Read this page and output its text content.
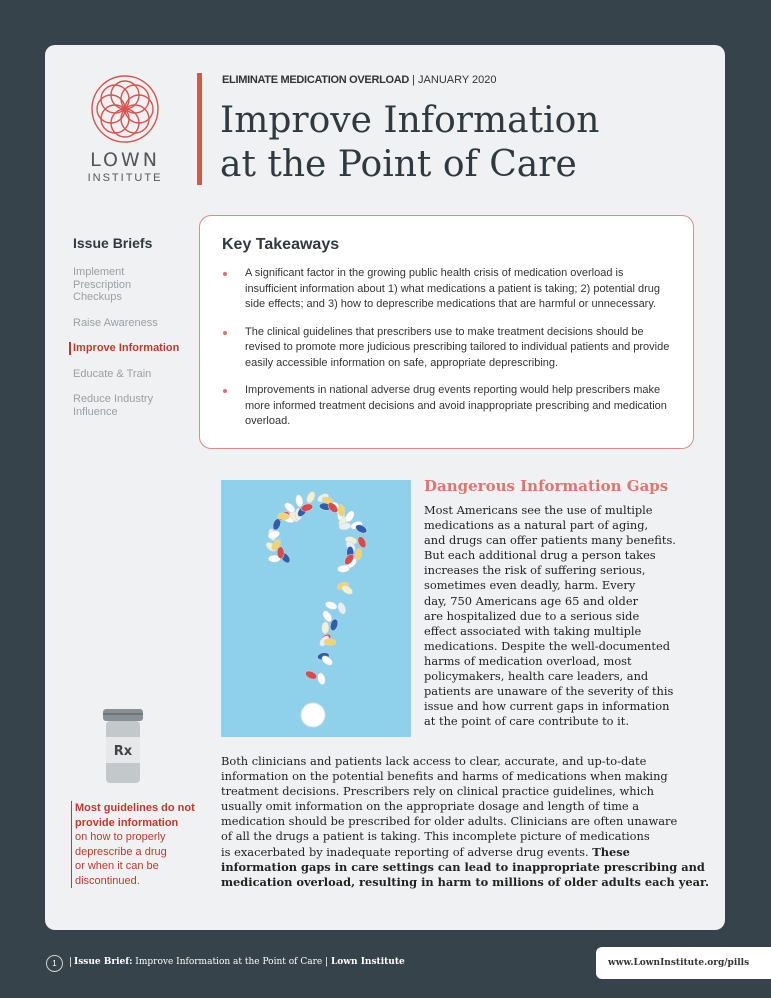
LOWN
INSTITUTE
ELIMINATE MEDICATION OVERLOAD | JANUARY 2020
Improve Information
at the Point of Care
Issue Briefs
Implement Prescription Checkups
Raise Awareness
Improve Information
Educate & Train
Reduce Industry Influence
Key Takeaways
A significant factor in the growing public health crisis of medication overload is insufficient information about 1) what medications a patient is taking; 2) potential drug side effects; and 3) how to deprescribe medications that are harmful or unnecessary.
The clinical guidelines that prescribers use to make treatment decisions should be revised to promote more judicious prescribing tailored to individual patients and provide easily accessible information on safe, appropriate deprescribing.
Improvements in national adverse drug events reporting would help prescribers make more informed treatment decisions and avoid inappropriate prescribing and medication overload.
Dangerous Information Gaps

Most Americans see the use of multiple
medications as a natural part of aging,
and drugs can offer patients many benefits.
But each additional drug a person takes
increases the risk of suffering serious,
sometimes even deadly, harm. Every
day, 750 Americans age 65 and older
are hospitalized due to a serious side
effect associated with taking multiple
medications. Despite the well-documented
harms of medication overload, most
policymakers, health care leaders, and
patients are unaware of the severity of this
issue and how current gaps in information
at the point of care contribute to it.

Both clinicians and patients lack access to clear, accurate, and up-to-date
information on the potential benefits and harms of medications when making
treatment decisions. Prescribers rely on clinical practice guidelines, which
usually omit information on the appropriate dosage and length of time a
medication should be prescribed for older adults. Clinicians are often unaware
of all the drugs a patient is taking. This incomplete picture of medications
is exacerbated by inadequate reporting of adverse drug events. These
information gaps in care settings can lead to inappropriate prescribing and
medication overload, resulting in harm to millions of older adults each year.

Rx
Most guidelines do not
provide information
on how to properly
deprescribe a drug
or when it can be
discontinued.
1	Issue Brief: Improve Information at the Point of Care | Lown Institute	www.LownInstitute.org/pills
